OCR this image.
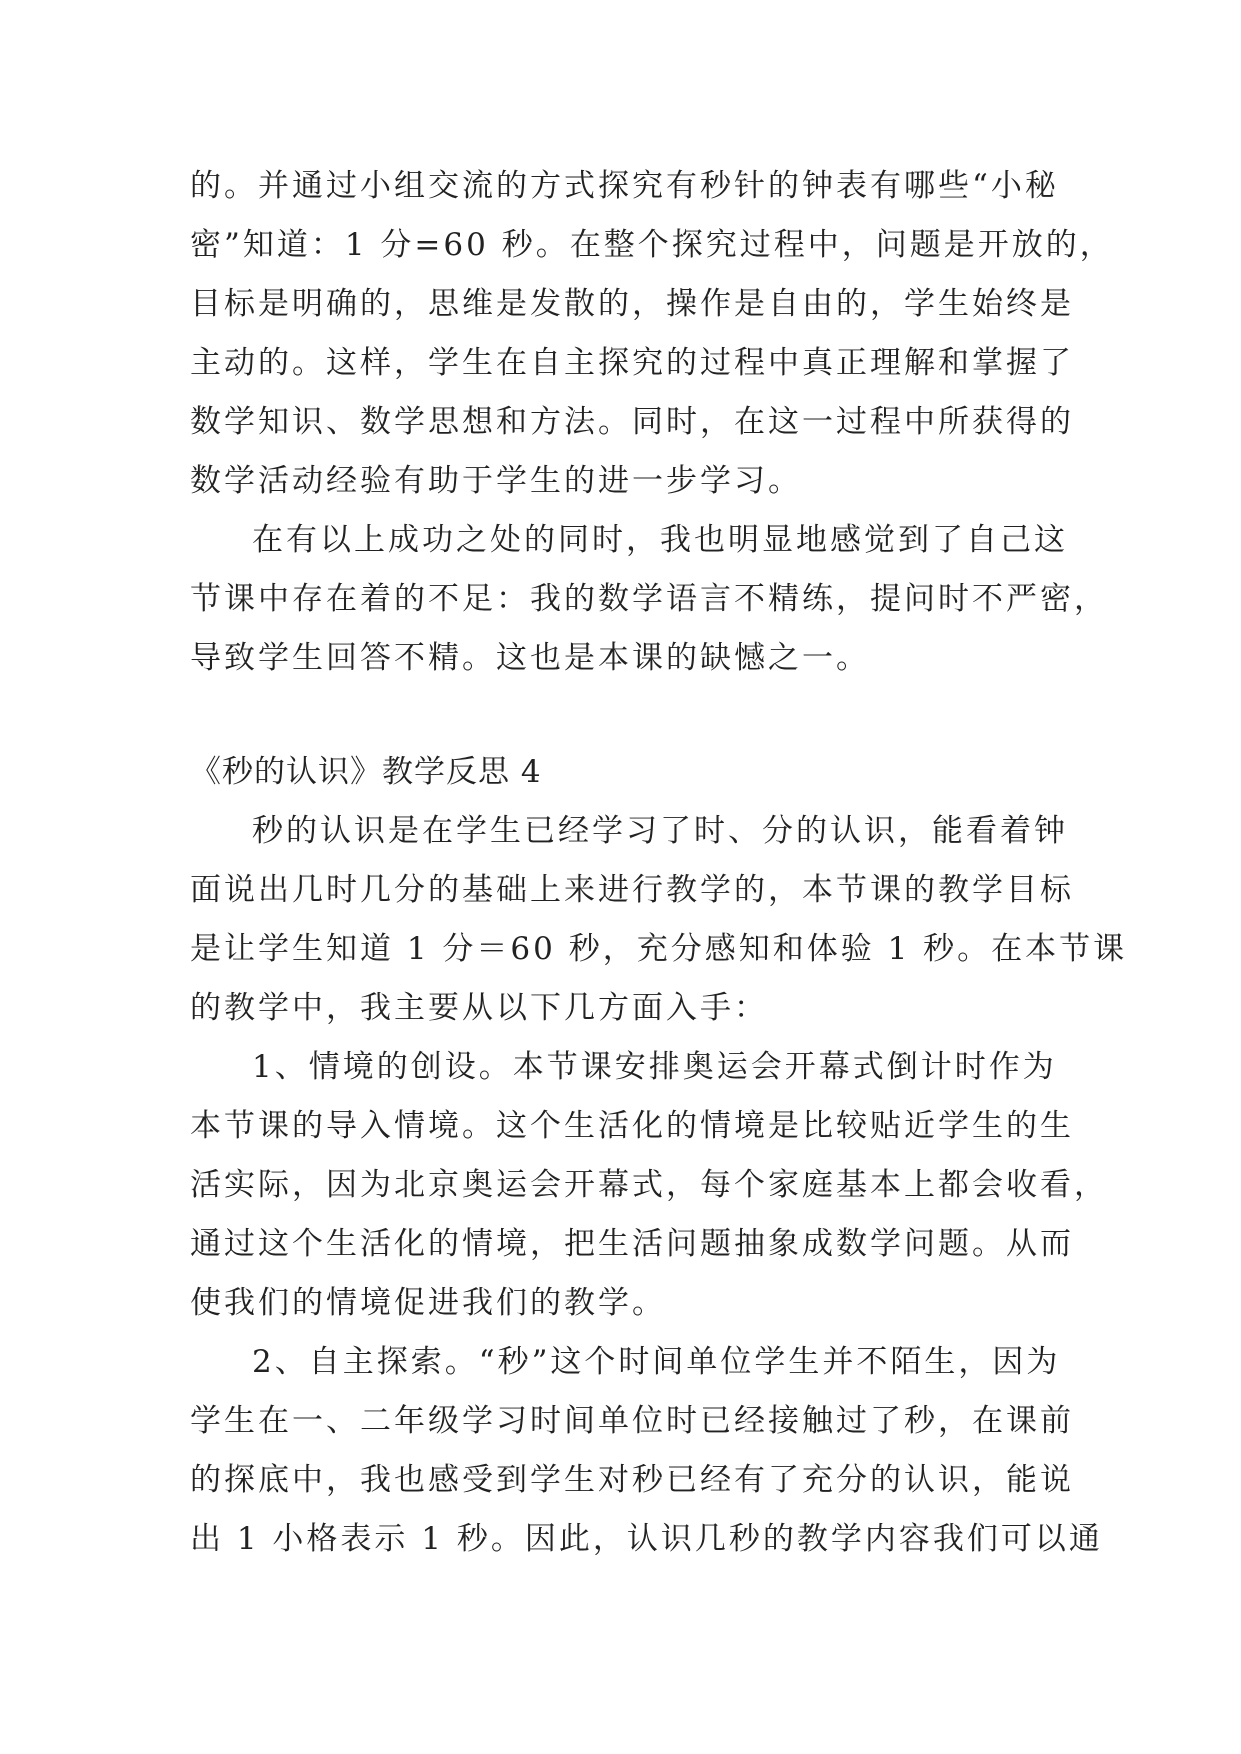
的。并通过小组交流的方式探究有秒针的钟表有哪些“小秘
密”知道：1 分=60 秒。在整个探究过程中，问题是开放的，
目标是明确的，思维是发散的，操作是自由的，学生始终是
主动的。这样，学生在自主探究的过程中真正理解和掌握了
数学知识、数学思想和方法。同时，在这一过程中所获得的
数学活动经验有助于学生的进一步学习。
在有以上成功之处的同时，我也明显地感觉到了自己这
节课中存在着的不足：我的数学语言不精练，提问时不严密，
导致学生回答不精。这也是本课的缺憾之一。
《秒的认识》教学反思 4
秒的认识是在学生已经学习了时、分的认识，能看着钟
面说出几时几分的基础上来进行教学的，本节课的教学目标
是让学生知道 1 分＝60 秒，充分感知和体验 1 秒。在本节课
的教学中，我主要从以下几方面入手：
1、情境的创设。本节课安排奥运会开幕式倒计时作为
本节课的导入情境。这个生活化的情境是比较贴近学生的生
活实际，因为北京奥运会开幕式，每个家庭基本上都会收看，
通过这个生活化的情境，把生活问题抽象成数学问题。从而
使我们的情境促进我们的教学。
2、自主探索。“秒”这个时间单位学生并不陌生，因为
学生在一、二年级学习时间单位时已经接触过了秒，在课前
的探底中，我也感受到学生对秒已经有了充分的认识，能说
出 1 小格表示 1 秒。因此，认识几秒的教学内容我们可以通
